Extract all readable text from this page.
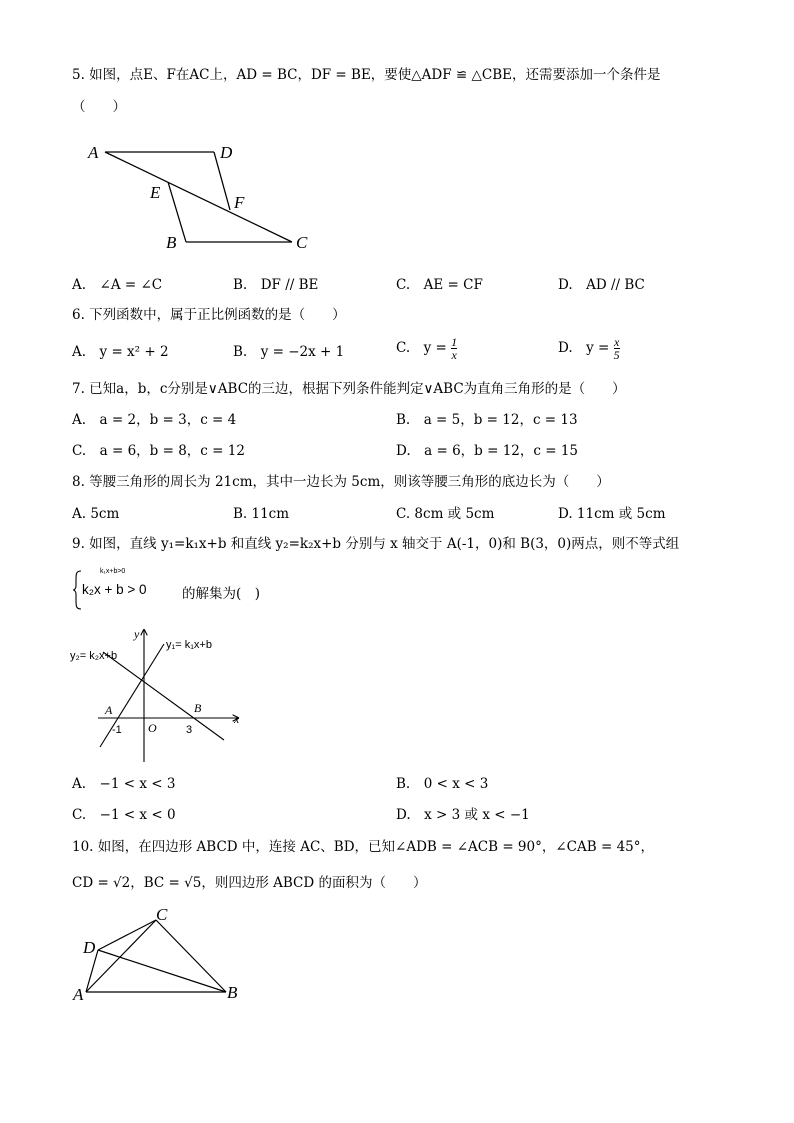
5. 如图，点E、F在AC上，AD = BC，DF = BE，要使△ADF ≌ △CBE，还需要添加一个条件是
（　　）
A	D
E
F
B	C
A.　∠A = ∠C	B.　DF // BE	C.　AE = CF	D.　AD // BC
6. 下列函数中，属于正比例函数的是（　　）
A.　y = x² + 2	B.　y = −2x + 1	C.　$y = \frac{1}{x}$	D.　$y = \frac{x}{5}$
7. 已知a，b，c分别是∨ABC的三边，根据下列条件能判定∨ABC为直角三角形的是（　　）
A.　a = 2，b = 3，c = 4	B.　a = 5，b = 12，c = 13
C.　a = 6，b = 8，c = 12	D.　a = 6，b = 12，c = 15
8. 等腰三角形的周长为 21cm，其中一边长为 5cm，则该等腰三角形的底边长为（　　）
A. 5cm	B. 11cm	C. 8cm 或 5cm	D. 11cm 或 5cm
9. 如图，直线 y₁=k₁x+b 和直线 y₂=k₂x+b 分别与 x 轴交于 A(-1，0)和 B(3，0)两点，则不等式组
k₁x+b>0
k₂x + b > 0	的解集为(　)
y
x
y₁= k₁x+b
y₂= k₂x+b
A	B
O
-1	3
A.　−1 < x < 3	B.　0 < x < 3
C.　−1 < x < 0	D.　x > 3 或 x < −1
10. 如图，在四边形 ABCD 中，连接 AC、BD，已知∠ADB = ∠ACB = 90°，∠CAB = 45°，
CD = √2，BC = √5，则四边形 ABCD 的面积为（　　）
C
D
A	B
